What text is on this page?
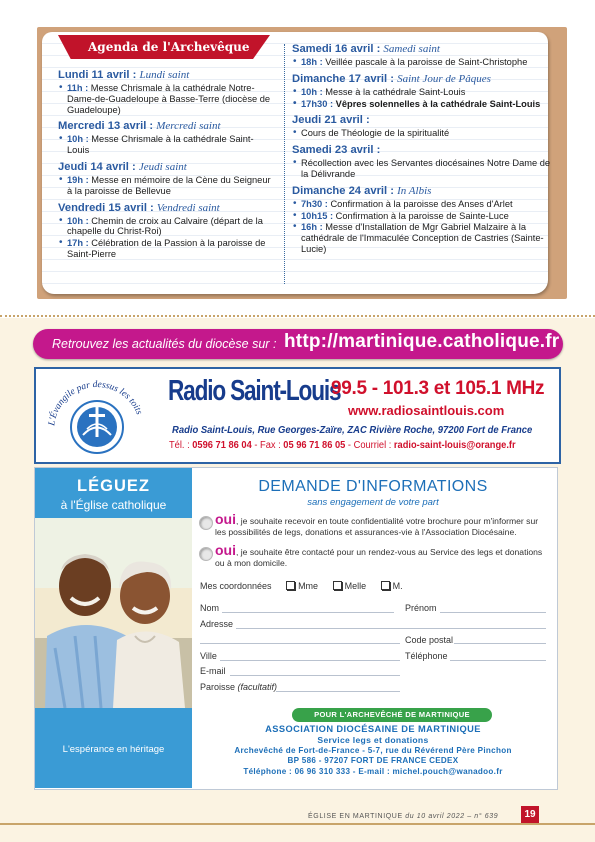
Agenda de l'Archevêque
Lundi 11 avril : Lundi saint
• 11h : Messe Chrismale à la cathédrale Notre-Dame-de-Guadeloupe à Basse-Terre (diocèse de Guadeloupe)
Mercredi 13 avril : Mercredi saint
• 10h : Messe Chrismale à la cathédrale Saint-Louis
Jeudi 14 avril : Jeudi saint
• 19h : Messe en mémoire de la Cène du Seigneur à la paroisse de Bellevue
Vendredi 15 avril : Vendredi saint
• 10h : Chemin de croix au Calvaire (départ de la chapelle du Christ-Roi)
• 17h : Célébration de la Passion à la paroisse de Saint-Pierre
Samedi 16 avril : Samedi saint
• 18h : Veillée pascale à la paroisse de Saint-Christophe
Dimanche 17 avril : Saint Jour de Pâques
• 10h : Messe à la cathédrale Saint-Louis
• 17h30 : Vêpres solennelles à la cathédrale Saint-Louis
Jeudi 21 avril :
• Cours de Théologie de la spiritualité
Samedi 23 avril :
• Récollection avec les Servantes diocésaines Notre Dame de la Délivrande
Dimanche 24 avril : In Albis
• 7h30 : Confirmation à la paroisse des Anses d'Arlet
• 10h15 : Confirmation à la paroisse de Sainte-Luce
• 16h : Messe d'Installation de Mgr Gabriel Malzaire à la cathédrale de l'Immaculée Conception de Castries (Sainte-Lucie)
Retrouvez les actualités du diocèse sur : http://martinique.catholique.fr
L'Évangile par dessus les toits
Radio Saint-Louis
99.5 - 101.3 et 105.1 MHz
www.radiosaintlouis.com
Radio Saint-Louis, Rue Georges-Zaïre, ZAC Rivière Roche, 97200 Fort de France
Tél. : 0596 71 86 04 - Fax : 05 96 71 86 05 - Courriel : radio-saint-louis@orange.fr
LÉGUEZ
à l'Église catholique
L'espérance en héritage
DEMANDE D'INFORMATIONS
sans engagement de votre part
oui, je souhaite recevoir en toute confidentialité votre brochure pour m'informer sur les possibilités de legs, donations et assurances-vie à l'Association Diocésaine.
oui, je souhaite être contacté pour un rendez-vous au Service des legs et donations ou à mon domicile.
Mes coordonnées	Mme	Melle	M.
Nom	Prénom
Adresse
Code postal
Ville	Téléphone
E-mail
Paroisse (facultatif)
POUR L'ARCHEVÊCHÉ DE MARTINIQUE
ASSOCIATION DIOCÉSAINE DE MARTINIQUE
Service legs et donations
Archevêché de Fort-de-France - 5-7, rue du Révérend Père Pinchon
BP 586 - 97207 FORT DE FRANCE CEDEX
Téléphone : 06 96 310 333 - E-mail : michel.pouch@wanadoo.fr
ÉGLISE EN MARTINIQUE du 10 avril 2022 – n° 639	19
